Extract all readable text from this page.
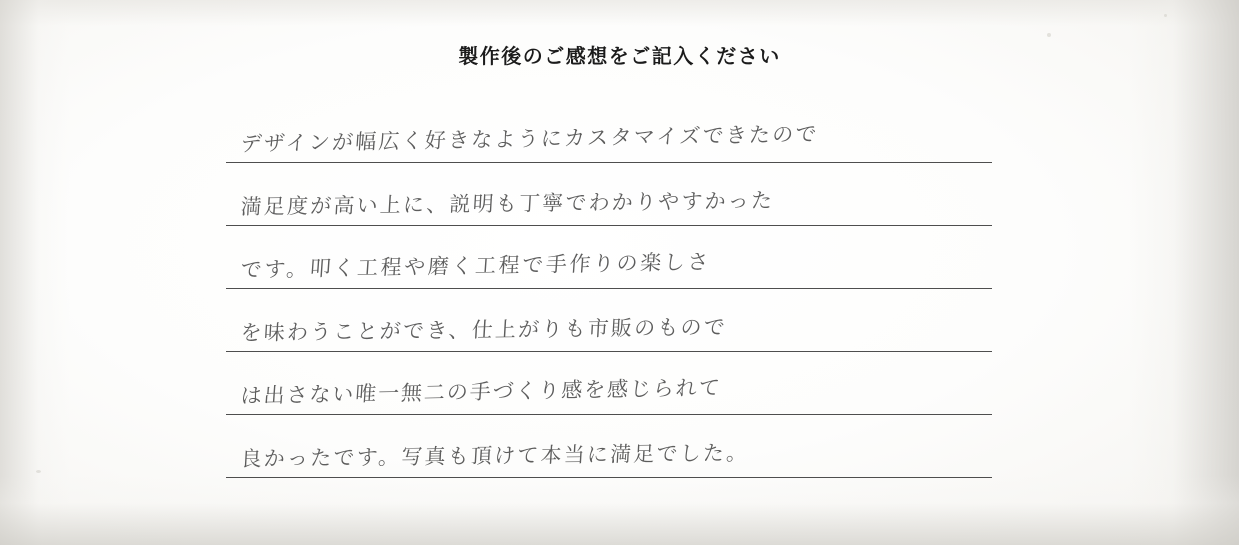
製作後のご感想をご記入ください
デザインが幅広く好きなようにカスタマイズできたので
満足度が高い上に、説明も丁寧でわかりやすかった
です。叩く工程や磨く工程で手作りの楽しさ
を味わうことができ、仕上がりも市販のもので
は出さない唯一無二の手づくり感を感じられて
良かったです。写真も頂けて本当に満足でした。
